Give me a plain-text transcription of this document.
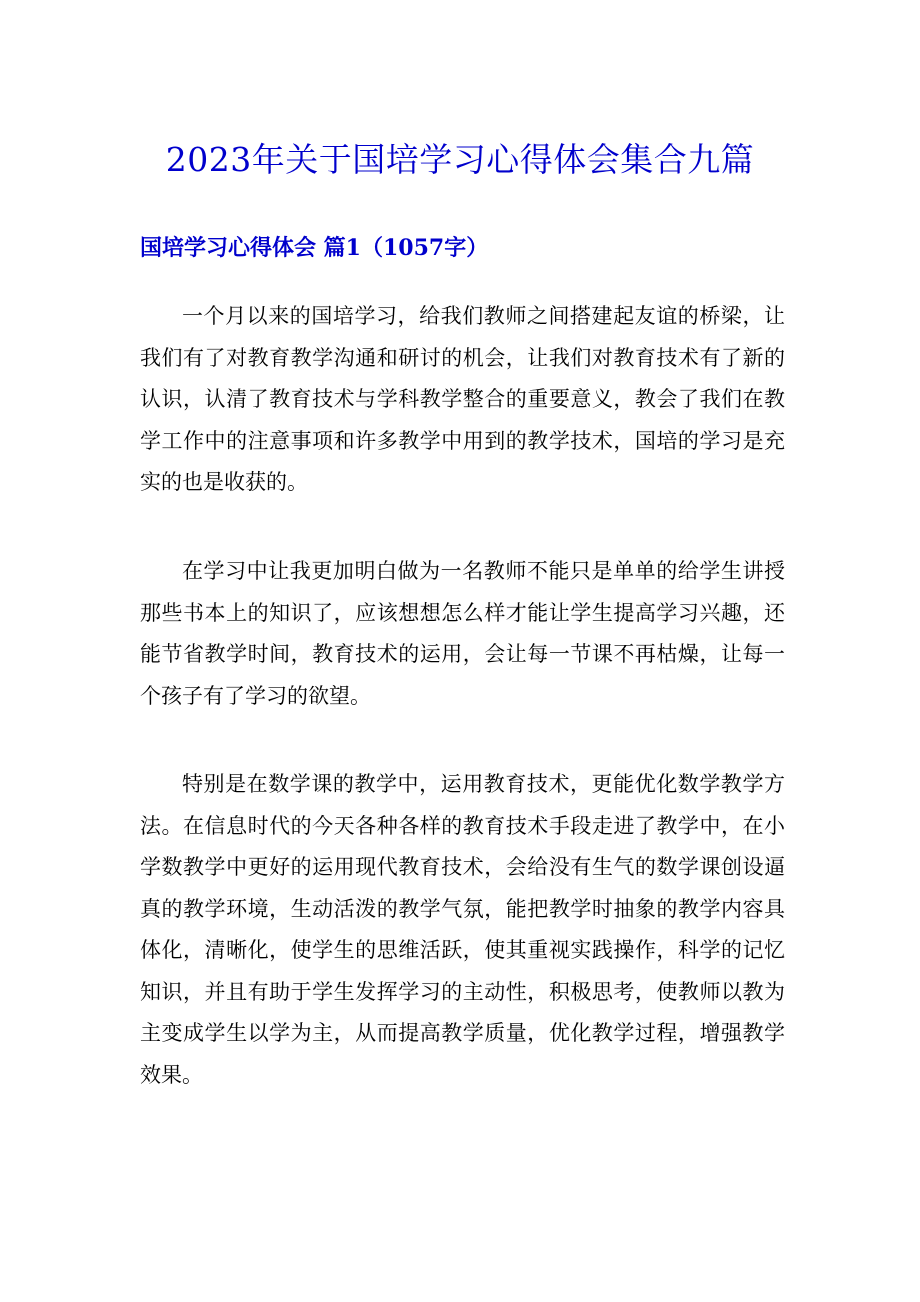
2023年关于国培学习心得体会集合九篇
国培学习心得体会 篇1（1057字）

一个月以来的国培学习，给我们教师之间搭建起友谊的桥梁，让我们有了对教育教学沟通和研讨的机会，让我们对教育技术有了新的认识，认清了教育技术与学科教学整合的重要意义，教会了我们在教学工作中的注意事项和许多教学中用到的教学技术，国培的学习是充实的也是收获的。

在学习中让我更加明白做为一名教师不能只是单单的给学生讲授那些书本上的知识了，应该想想怎么样才能让学生提高学习兴趣，还能节省教学时间，教育技术的运用，会让每一节课不再枯燥，让每一个孩子有了学习的欲望。

特别是在数学课的教学中，运用教育技术，更能优化数学教学方法。在信息时代的今天各种各样的教育技术手段走进了教学中，在小学数教学中更好的运用现代教育技术，会给没有生气的数学课创设逼真的教学环境，生动活泼的教学气氛，能把教学时抽象的教学内容具体化，清晰化，使学生的思维活跃，使其重视实践操作，科学的记忆知识，并且有助于学生发挥学习的主动性，积极思考，使教师以教为主变成学生以学为主，从而提高教学质量，优化教学过程，增强教学效果。
